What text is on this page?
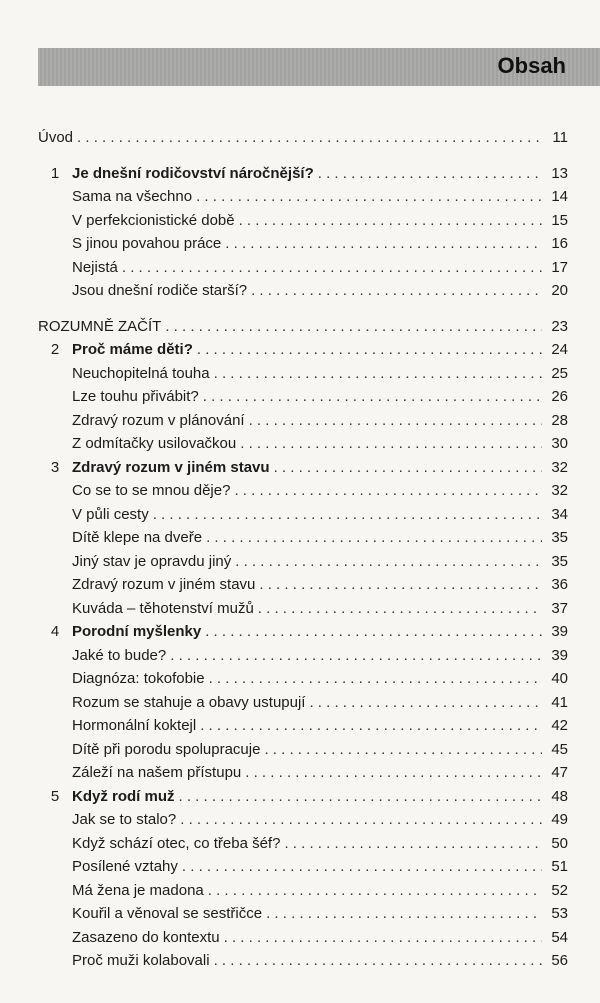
Obsah
Úvod . . .	11
1 Je dnešní rodičovství náročnější? . . .	13
Sama na všechno . . .	14
V perfekcionistické době . . .	15
S jinou povahou práce . . .	16
Nejistá . . .	17
Jsou dnešní rodiče starší? . . .	20
ROZUMNĚ ZAČÍT . . .	23
2 Proč máme děti? . . .	24
Neuchopitelná touha . . .	25
Lze touhu přivábit? . . .	26
Zdravý rozum v plánování . . .	28
Z odmítačky usilovačkou . . .	30
3 Zdravý rozum v jiném stavu . . .	32
Co se to se mnou děje? . . .	32
V půli cesty . . .	34
Dítě klepe na dveře . . .	35
Jiný stav je opravdu jiný . . .	35
Zdravý rozum v jiném stavu . . .	36
Kuváda – těhotenství mužů . . .	37
4 Porodní myšlenky . . .	39
Jaké to bude? . . .	39
Diagnóza: tokofobie . . .	40
Rozum se stahuje a obavy ustupují . . .	41
Hormonální koktejl . . .	42
Dítě při porodu spolupracuje . . .	45
Záleží na našem přístupu . . .	47
5 Když rodí muž . . .	48
Jak se to stalo? . . .	49
Když schází otec, co třeba šéf? . . .	50
Posílené vztahy . . .	51
Má žena je madona . . .	52
Kouřil a věnoval se sestřičce . . .	53
Zasazeno do kontextu . . .	54
Proč muži kolabovali . . .	56
